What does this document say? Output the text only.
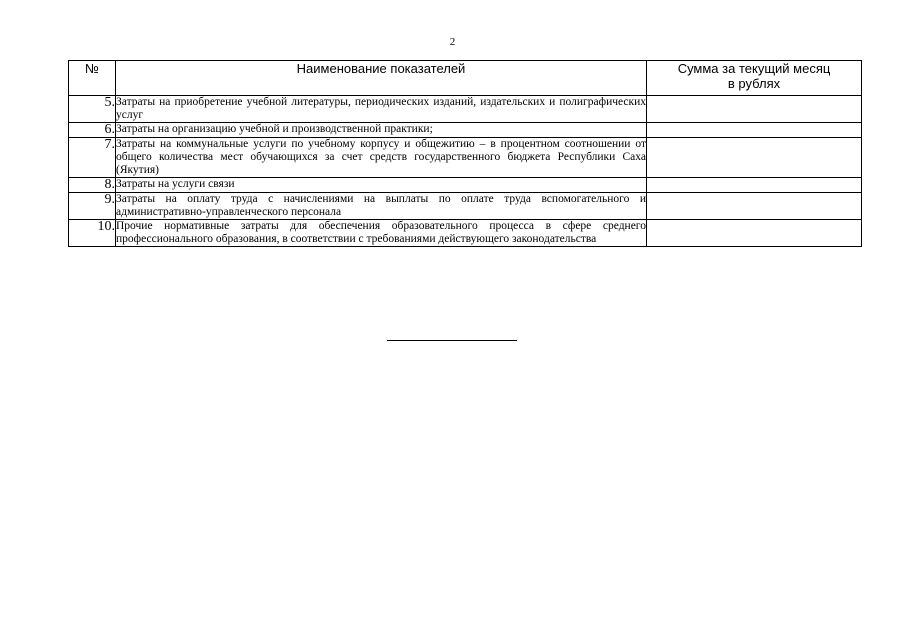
2
№	Наименование показателей	Сумма за текущий месяц
в рублях

5.	Затраты на приобретение учебной литературы, периодических изданий, издательских и полиграфических услуг	
6.	Затраты на организацию учебной и производственной практики;	
7.	Затраты на коммунальные услуги по учебному корпусу и общежитию – в процентном соотношении от общего количества мест обучающихся за счет средств государственного бюджета Республики Саха (Якутия)	
8.	Затраты на услуги связи	
9.	Затраты на оплату труда с начислениями на выплаты по оплате труда вспомогательного и административно-управленческого персонала	
10.	Прочие нормативные затраты для обеспечения образовательного процесса в сфере среднего профессионального образования, в соответствии с требованиями действующего законодательства	
